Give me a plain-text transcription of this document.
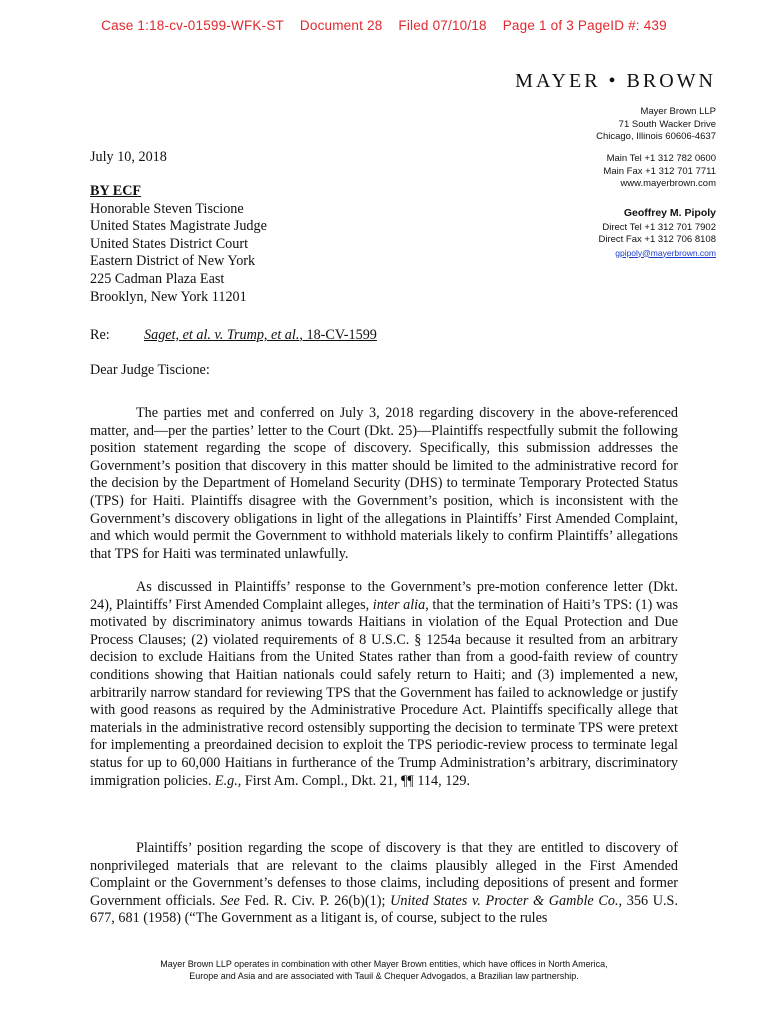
Case 1:18-cv-01599-WFK-ST Document 28 Filed 07/10/18 Page 1 of 3 PageID #: 439
MAYER • BROWN
Mayer Brown LLP
71 South Wacker Drive
Chicago, Illinois 60606-4637
Main Tel +1 312 782 0600
Main Fax +1 312 701 7711
www.mayerbrown.com
Geoffrey M. Pipoly
Direct Tel +1 312 701 7902
Direct Fax +1 312 706 8108
gpipoly@mayerbrown.com
July 10, 2018
BY ECF
Honorable Steven Tiscione
United States Magistrate Judge
United States District Court
Eastern District of New York
225 Cadman Plaza East
Brooklyn, New York 11201
Re: Saget, et al. v. Trump, et al., 18-CV-1599
Dear Judge Tiscione:

The parties met and conferred on July 3, 2018 regarding discovery in the above-referenced matter, and—per the parties’ letter to the Court (Dkt. 25)—Plaintiffs respectfully submit the following position statement regarding the scope of discovery. Specifically, this submission addresses the Government’s position that discovery in this matter should be limited to the administrative record for the decision by the Department of Homeland Security (DHS) to terminate Temporary Protected Status (TPS) for Haiti. Plaintiffs disagree with the Government’s position, which is inconsistent with the Government’s discovery obligations in light of the allegations in Plaintiffs’ First Amended Complaint, and which would permit the Government to withhold materials likely to confirm Plaintiffs’ allegations that TPS for Haiti was terminated unlawfully.

As discussed in Plaintiffs’ response to the Government’s pre-motion conference letter (Dkt. 24), Plaintiffs’ First Amended Complaint alleges, inter alia, that the termination of Haiti’s TPS: (1) was motivated by discriminatory animus towards Haitians in violation of the Equal Protection and Due Process Clauses; (2) violated requirements of 8 U.S.C. § 1254a because it resulted from an arbitrary decision to exclude Haitians from the United States rather than from a good-faith review of country conditions showing that Haitian nationals could safely return to Haiti; and (3) implemented a new, arbitrarily narrow standard for reviewing TPS that the Government has failed to acknowledge or justify with good reasons as required by the Administrative Procedure Act. Plaintiffs specifically allege that materials in the administrative record ostensibly supporting the decision to terminate TPS were pretext for implementing a preordained decision to exploit the TPS periodic-review process to terminate legal status for up to 60,000 Haitians in furtherance of the Trump Administration’s arbitrary, discriminatory immigration policies. E.g., First Am. Compl., Dkt. 21, ¶¶ 114, 129.

Plaintiffs’ position regarding the scope of discovery is that they are entitled to discovery of nonprivileged materials that are relevant to the claims plausibly alleged in the First Amended Complaint or the Government’s defenses to those claims, including depositions of present and former Government officials. See Fed. R. Civ. P. 26(b)(1); United States v. Procter & Gamble Co., 356 U.S. 677, 681 (1958) (“The Government as a litigant is, of course, subject to the rules

Mayer Brown LLP operates in combination with other Mayer Brown entities, which have offices in North America,
Europe and Asia and are associated with Tauil & Chequer Advogados, a Brazilian law partnership.
